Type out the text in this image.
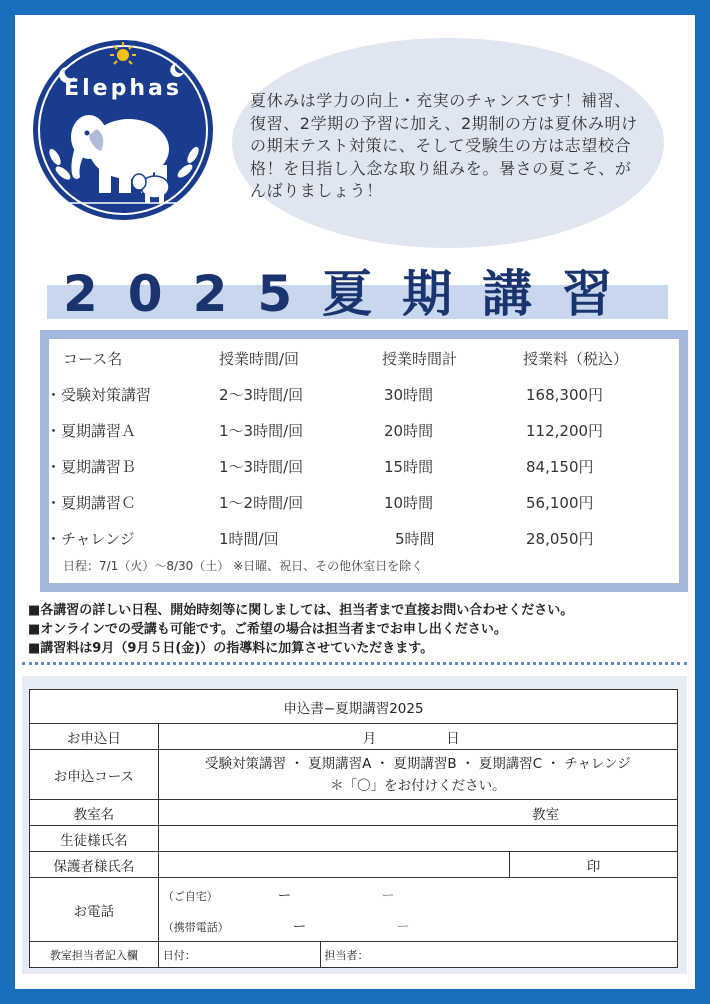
Elephas	夏休みは学力の向上・充実のチャンスです！補習、復習、2学期の予習に加え、2期制の方は夏休み明けの期末テスト対策に、そして受験生の方は志望校合格！を目指し入念な取り組みを。暑さの夏こそ、がんばりましょう！
2025夏期講習
コース名	授業時間/回	授業時間計	授業料（税込）
・受験対策講習	2〜3時間/回	30時間	168,300円
・夏期講習Ａ	1〜3時間/回	20時間	112,200円
・夏期講習Ｂ	1〜3時間/回	15時間	84,150円
・夏期講習Ｃ	1〜2時間/回	10時間	56,100円
・チャレンジ	1時間/回	5時間	28,050円
日程：7/1（火）〜8/30（土） ※日曜、祝日、その他休室日を除く
■各講習の詳しい日程、開始時刻等に関しましては、担当者まで直接お問い合わせください。
■オンラインでの受講も可能です。ご希望の場合は担当者までお申し出ください。
■講習料は9月（9月５日(金)）の指導料に加算させていただきます。
申込書−夏期講習2025			
お申込日	月 日		
お申込コース	受験対策講習 ・ 夏期講習A ・ 夏期講習B ・ 夏期講習C ・ チャレンジ
＊「〇」をお付けください。		

教室名	教室		
生徒様氏名			
保護者様氏名			印
お電話	（ご自宅） ー ー		
	（携帯電話） ー ー		
教室担当者記入欄	日付：	担当者：	
